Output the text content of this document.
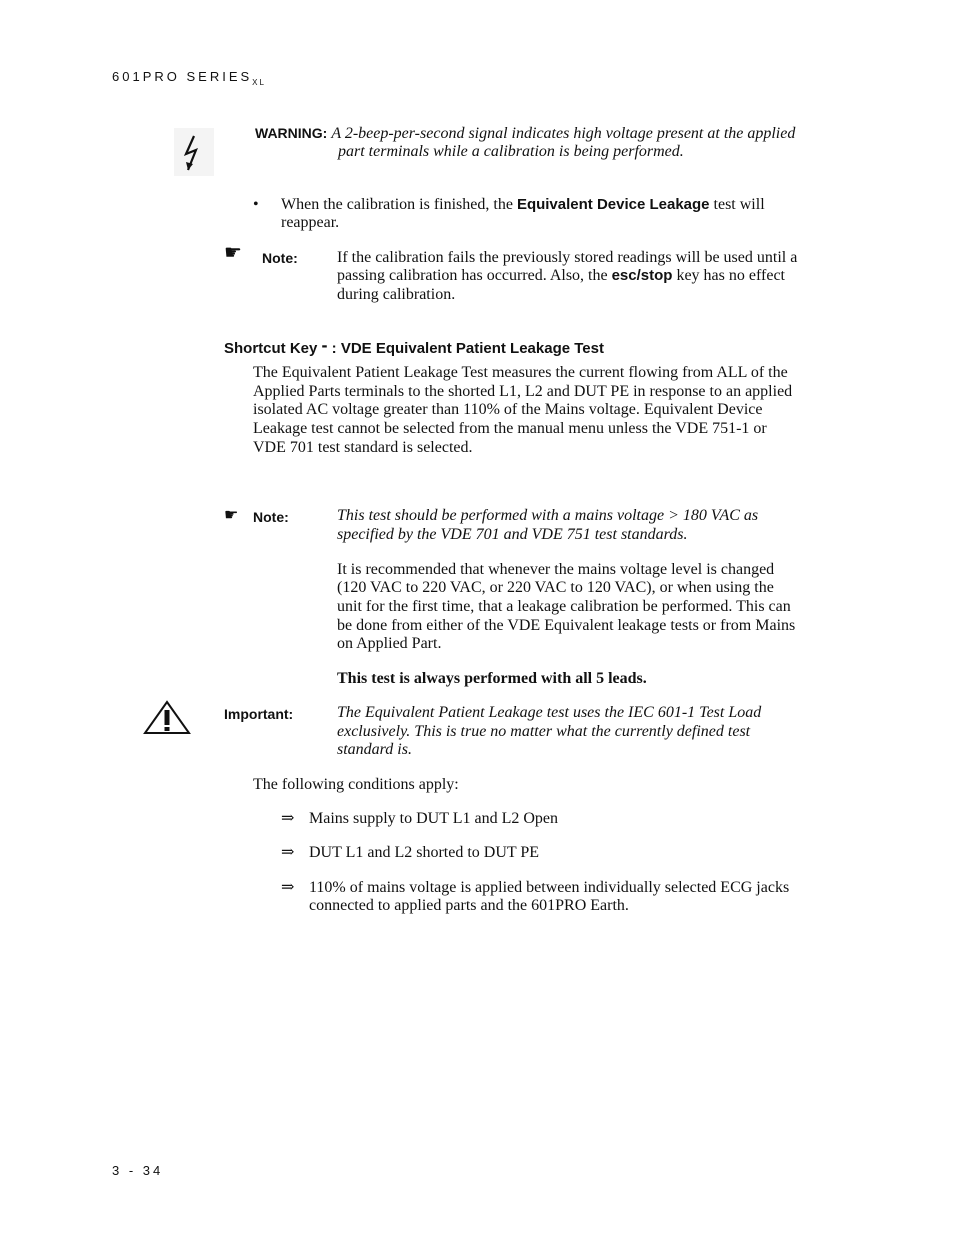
601PRO $SERIES_{XL}$
WARNING: A 2-beep-per-second signal indicates high voltage present at the applied
part terminals while a calibration is being performed.
• When the calibration is finished, the Equivalent Device Leakage test will
reappear.
☛ Note: If the calibration fails the previously stored readings will be used until a
passing calibration has occurred. Also, the esc/stop key has no effect
during calibration.
Shortcut Key - : VDE Equivalent Patient Leakage Test
The Equivalent Patient Leakage Test measures the current flowing from ALL of the
Applied Parts terminals to the shorted L1, L2 and DUT PE in response to an applied
isolated AC voltage greater than 110% of the Mains voltage. Equivalent Device
Leakage test cannot be selected from the manual menu unless the VDE 751-1 or
VDE 701 test standard is selected.
☛ Note:	This test should be performed with a mains voltage > 180 VAC as
specified by the VDE 701 and VDE 751 test standards.
It is recommended that whenever the mains voltage level is changed
(120 VAC to 220 VAC, or 220 VAC to 120 VAC), or when using the
unit for the first time, that a leakage calibration be performed. This can
be done from either of the VDE Equivalent leakage tests or from Mains
on Applied Part.
This test is always performed with all 5 leads.
Important:	The Equivalent Patient Leakage test uses the IEC 601-1 Test Load
exclusively. This is true no matter what the currently defined test
standard is.
The following conditions apply:
⇒ Mains supply to DUT L1 and L2 Open
⇒ DUT L1 and L2 shorted to DUT PE
⇒ 110% of mains voltage is applied between individually selected ECG jacks
connected to applied parts and the 601PRO Earth.
3 - 34
